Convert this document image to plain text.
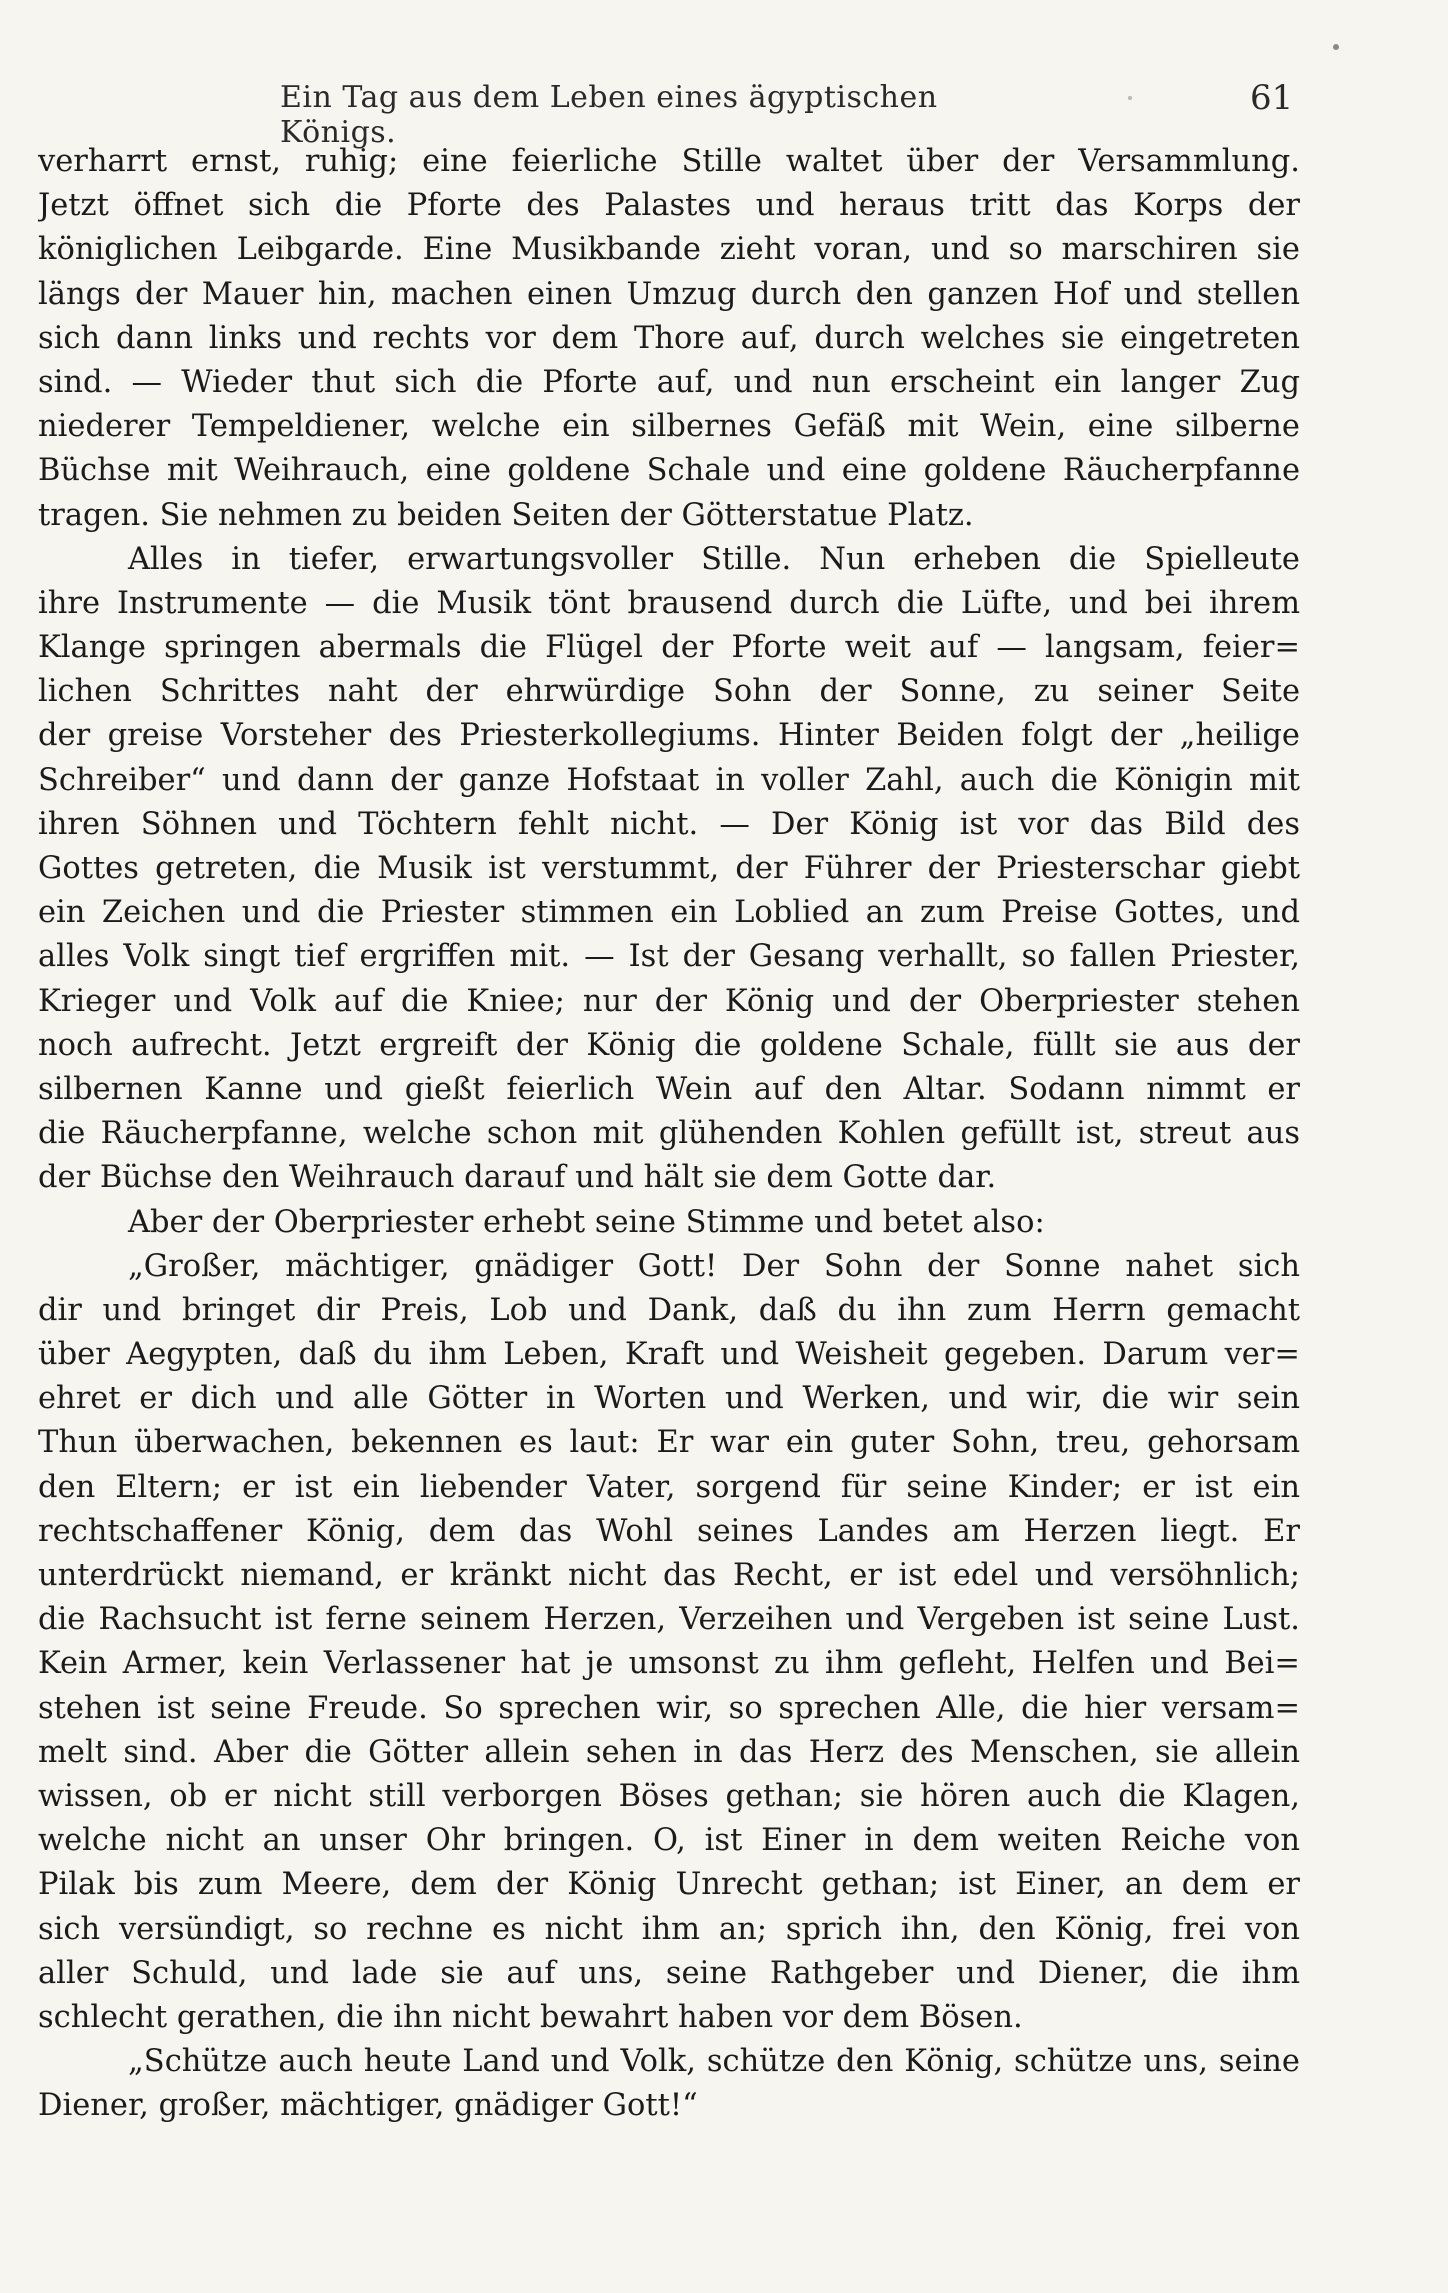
Ein Tag aus dem Leben eines ägyptischen Königs.
61
verharrt ernst, ruhig; eine feierliche Stille waltet über der Versammlung.
Jetzt öffnet sich die Pforte des Palastes und heraus tritt das Korps der
königlichen Leibgarde. Eine Musikbande zieht voran, und so marschiren sie
längs der Mauer hin, machen einen Umzug durch den ganzen Hof und stellen
sich dann links und rechts vor dem Thore auf, durch welches sie eingetreten
sind. — Wieder thut sich die Pforte auf, und nun erscheint ein langer Zug
niederer Tempeldiener, welche ein silbernes Gefäß mit Wein, eine silberne
Büchse mit Weihrauch, eine goldene Schale und eine goldene Räucherpfanne
tragen. Sie nehmen zu beiden Seiten der Götterstatue Platz.
Alles in tiefer, erwartungsvoller Stille. Nun erheben die Spielleute
ihre Instrumente — die Musik tönt brausend durch die Lüfte, und bei ihrem
Klange springen abermals die Flügel der Pforte weit auf — langsam, feier=
lichen Schrittes naht der ehrwürdige Sohn der Sonne, zu seiner Seite
der greise Vorsteher des Priesterkollegiums. Hinter Beiden folgt der „heilige
Schreiber“ und dann der ganze Hofstaat in voller Zahl, auch die Königin mit
ihren Söhnen und Töchtern fehlt nicht. — Der König ist vor das Bild des
Gottes getreten, die Musik ist verstummt, der Führer der Priesterschar giebt
ein Zeichen und die Priester stimmen ein Loblied an zum Preise Gottes, und
alles Volk singt tief ergriffen mit. — Ist der Gesang verhallt, so fallen Priester,
Krieger und Volk auf die Kniee; nur der König und der Oberpriester stehen
noch aufrecht. Jetzt ergreift der König die goldene Schale, füllt sie aus der
silbernen Kanne und gießt feierlich Wein auf den Altar. Sodann nimmt er
die Räucherpfanne, welche schon mit glühenden Kohlen gefüllt ist, streut aus
der Büchse den Weihrauch darauf und hält sie dem Gotte dar.
Aber der Oberpriester erhebt seine Stimme und betet also:
„Großer, mächtiger, gnädiger Gott! Der Sohn der Sonne nahet sich
dir und bringet dir Preis, Lob und Dank, daß du ihn zum Herrn gemacht
über Aegypten, daß du ihm Leben, Kraft und Weisheit gegeben. Darum ver=
ehret er dich und alle Götter in Worten und Werken, und wir, die wir sein
Thun überwachen, bekennen es laut: Er war ein guter Sohn, treu, gehorsam
den Eltern; er ist ein liebender Vater, sorgend für seine Kinder; er ist ein
rechtschaffener König, dem das Wohl seines Landes am Herzen liegt. Er
unterdrückt niemand, er kränkt nicht das Recht, er ist edel und versöhnlich;
die Rachsucht ist ferne seinem Herzen, Verzeihen und Vergeben ist seine Lust.
Kein Armer, kein Verlassener hat je umsonst zu ihm gefleht, Helfen und Bei=
stehen ist seine Freude. So sprechen wir, so sprechen Alle, die hier versam=
melt sind. Aber die Götter allein sehen in das Herz des Menschen, sie allein
wissen, ob er nicht still verborgen Böses gethan; sie hören auch die Klagen,
welche nicht an unser Ohr bringen. O, ist Einer in dem weiten Reiche von
Pilak bis zum Meere, dem der König Unrecht gethan; ist Einer, an dem er
sich versündigt, so rechne es nicht ihm an; sprich ihn, den König, frei von
aller Schuld, und lade sie auf uns, seine Rathgeber und Diener, die ihm
schlecht gerathen, die ihn nicht bewahrt haben vor dem Bösen.
„Schütze auch heute Land und Volk, schütze den König, schütze uns, seine
Diener, großer, mächtiger, gnädiger Gott!“
